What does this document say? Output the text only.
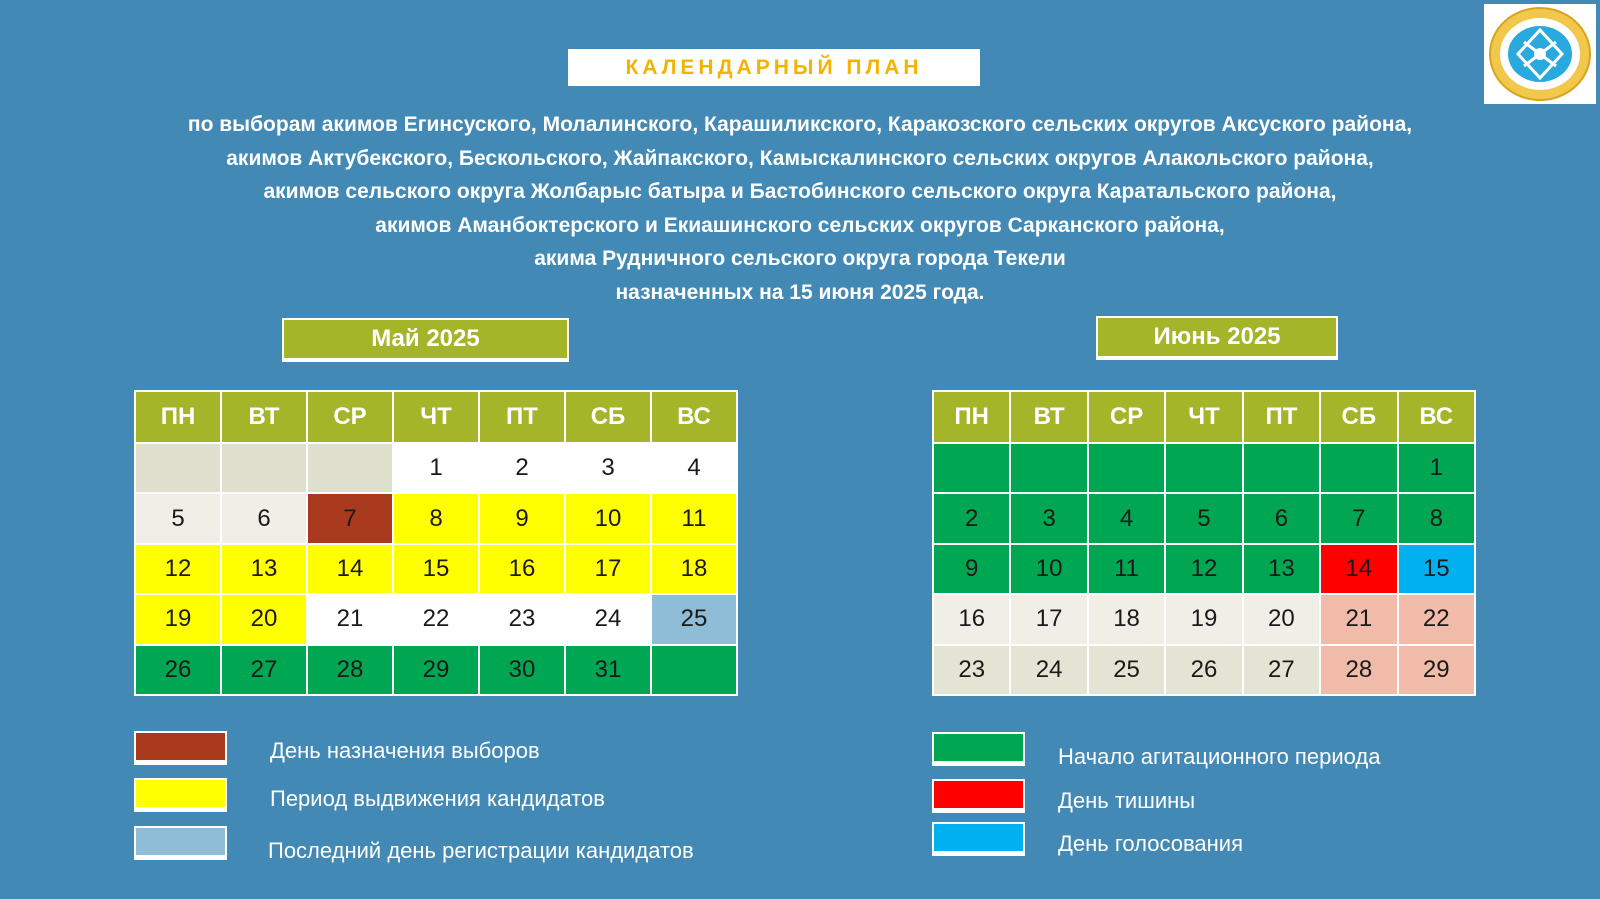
КАЛЕНДАРНЫЙ ПЛАН
по выборам акимов Егинсуского, Молалинского, Карашиликского, Каракозского сельских округов Аксуского района,
акимов Актубекского, Бескольского, Жайпакского, Камыскалинского сельских округов Алакольского района,
акимов сельского округа Жолбарыс батыра и Бастобинского сельского округа Каратальского района,
акимов Аманбоктерского и Екиашинского сельских округов Сарканского района,
акима Рудничного сельского округа города Текели
назначенных на 15 июня 2025 года.
Май 2025	Июнь 2025
ПН	ВТ	СР	ЧТ	ПТ	СБ	ВС
			1	2	3	4
5	6	7	8	9	10	11
12	13	14	15	16	17	18
19	20	21	22	23	24	25
26	27	28	29	30	31	
ПН	ВТ	СР	ЧТ	ПТ	СБ	ВС
						1
2	3	4	5	6	7	8
9	10	11	12	13	14	15
16	17	18	19	20	21	22
23	24	25	26	27	28	29
День назначения выборов
Период выдвижения кандидатов
Последний день регистрации кандидатов
Начало агитационного периода
День тишины
День голосования
